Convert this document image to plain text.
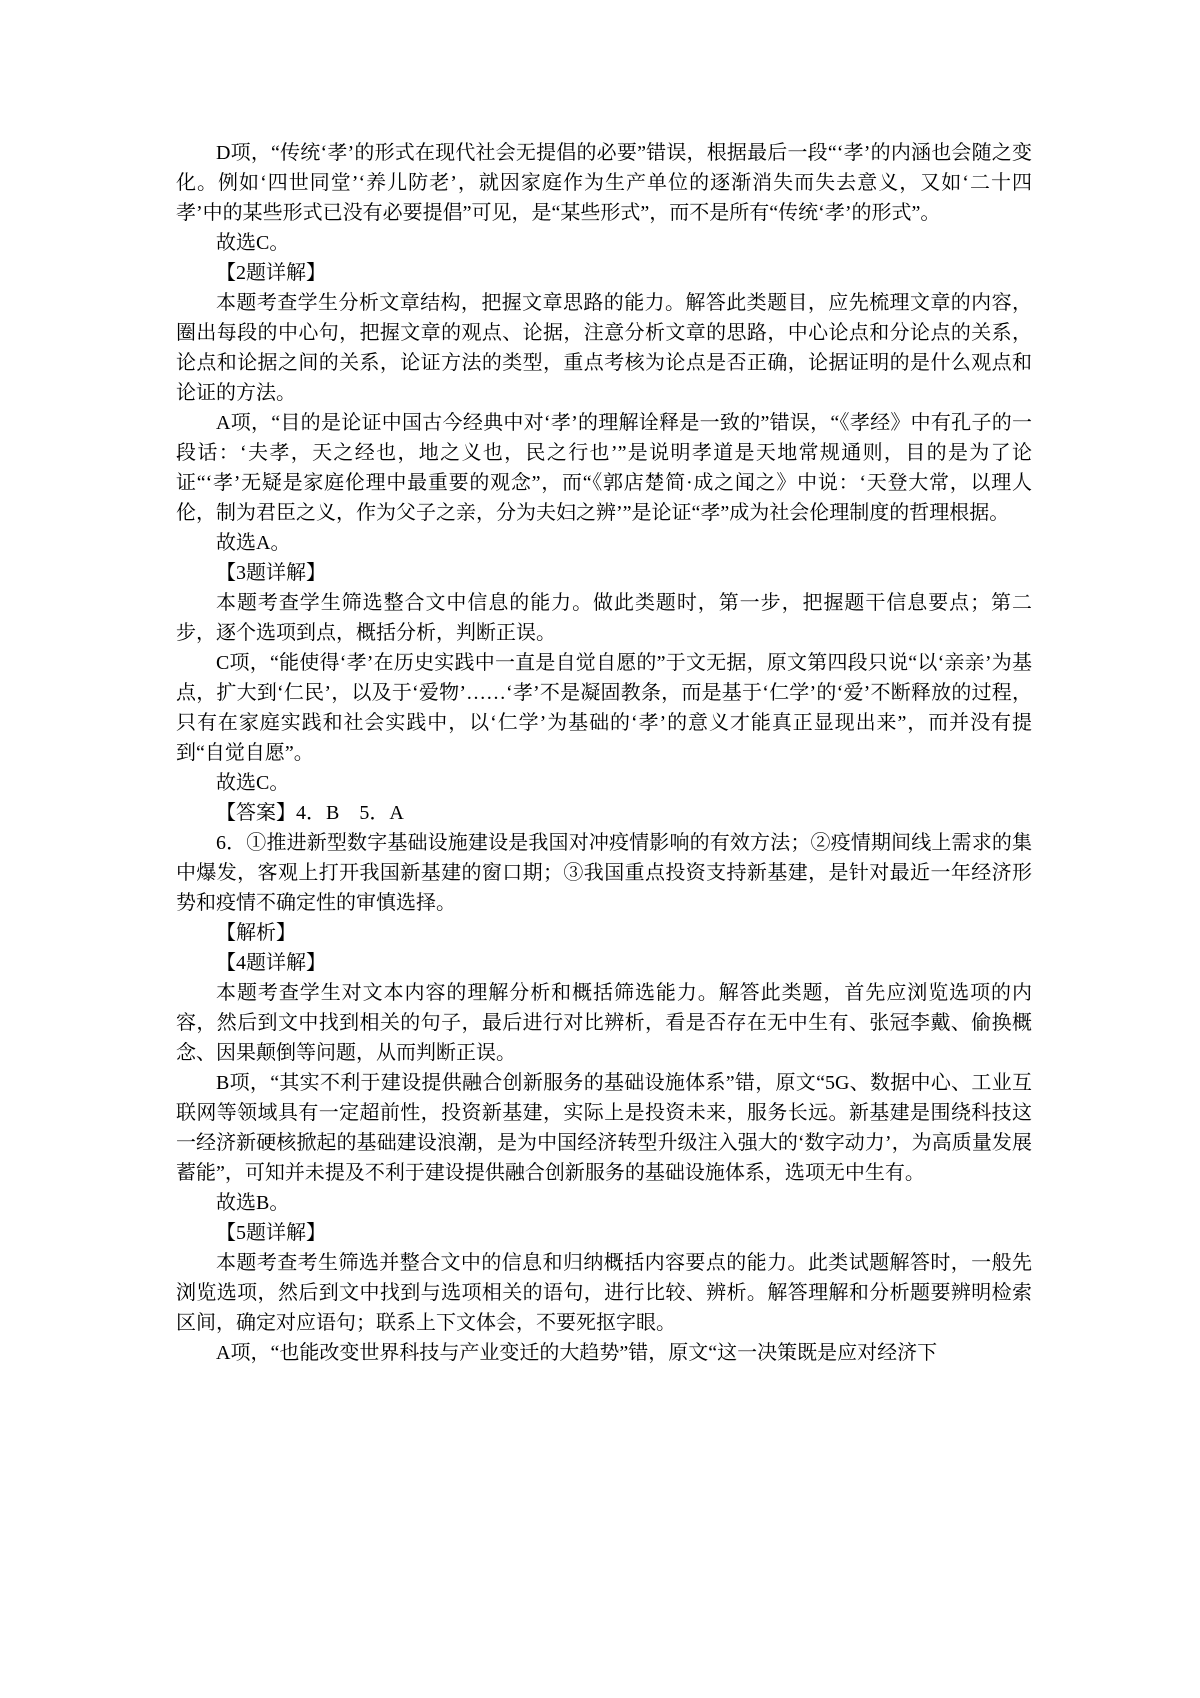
D项，“传统‘孝’的形式在现代社会无提倡的必要”错误，根据最后一段“‘孝’的内涵也会随之变化。例如‘四世同堂’‘养儿防老’，就因家庭作为生产单位的逐渐消失而失去意义，又如‘二十四孝’中的某些形式已没有必要提倡”可见，是“某些形式”，而不是所有“传统‘孝’的形式”。

故选C。

【2题详解】

本题考查学生分析文章结构，把握文章思路的能力。解答此类题目，应先梳理文章的内容，圈出每段的中心句，把握文章的观点、论据，注意分析文章的思路，中心论点和分论点的关系，论点和论据之间的关系，论证方法的类型，重点考核为论点是否正确，论据证明的是什么观点和论证的方法。

A项，“目的是论证中国古今经典中对‘孝’的理解诠释是一致的”错误，“《孝经》中有孔子的一段话：‘夫孝，天之经也，地之义也，民之行也’”是说明孝道是天地常规通则，目的是为了论证“‘孝’无疑是家庭伦理中最重要的观念”，而“《郭店楚简·成之闻之》中说：‘天登大常，以理人伦，制为君臣之义，作为父子之亲，分为夫妇之辨’”是论证“孝”成为社会伦理制度的哲理根据。

故选A。

【3题详解】

本题考查学生筛选整合文中信息的能力。做此类题时，第一步，把握题干信息要点；第二步，逐个选项到点，概括分析，判断正误。

C项，“能使得‘孝’在历史实践中一直是自觉自愿的”于文无据，原文第四段只说“以‘亲亲’为基点，扩大到‘仁民’，以及于‘爱物’……‘孝’不是凝固教条，而是基于‘仁学’的‘爱’不断释放的过程，只有在家庭实践和社会实践中，以‘仁学’为基础的‘孝’的意义才能真正显现出来”，而并没有提到“自觉自愿”。

故选C。

【答案】4．B　5．A

6．①推进新型数字基础设施建设是我国对冲疫情影响的有效方法；②疫情期间线上需求的集中爆发，客观上打开我国新基建的窗口期；③我国重点投资支持新基建，是针对最近一年经济形势和疫情不确定性的审慎选择。

【解析】

【4题详解】

本题考查学生对文本内容的理解分析和概括筛选能力。解答此类题，首先应浏览选项的内容，然后到文中找到相关的句子，最后进行对比辨析，看是否存在无中生有、张冠李戴、偷换概念、因果颠倒等问题，从而判断正误。

B项，“其实不利于建设提供融合创新服务的基础设施体系”错，原文“5G、数据中心、工业互联网等领域具有一定超前性，投资新基建，实际上是投资未来，服务长远。新基建是围绕科技这一经济新硬核掀起的基础建设浪潮，是为中国经济转型升级注入强大的‘数字动力’，为高质量发展蓄能”，可知并未提及不利于建设提供融合创新服务的基础设施体系，选项无中生有。

故选B。

【5题详解】

本题考查考生筛选并整合文中的信息和归纳概括内容要点的能力。此类试题解答时，一般先浏览选项，然后到文中找到与选项相关的语句，进行比较、辨析。解答理解和分析题要辨明检索区间，确定对应语句；联系上下文体会，不要死抠字眼。

A项，“也能改变世界科技与产业变迁的大趋势”错，原文“这一决策既是应对经济下
